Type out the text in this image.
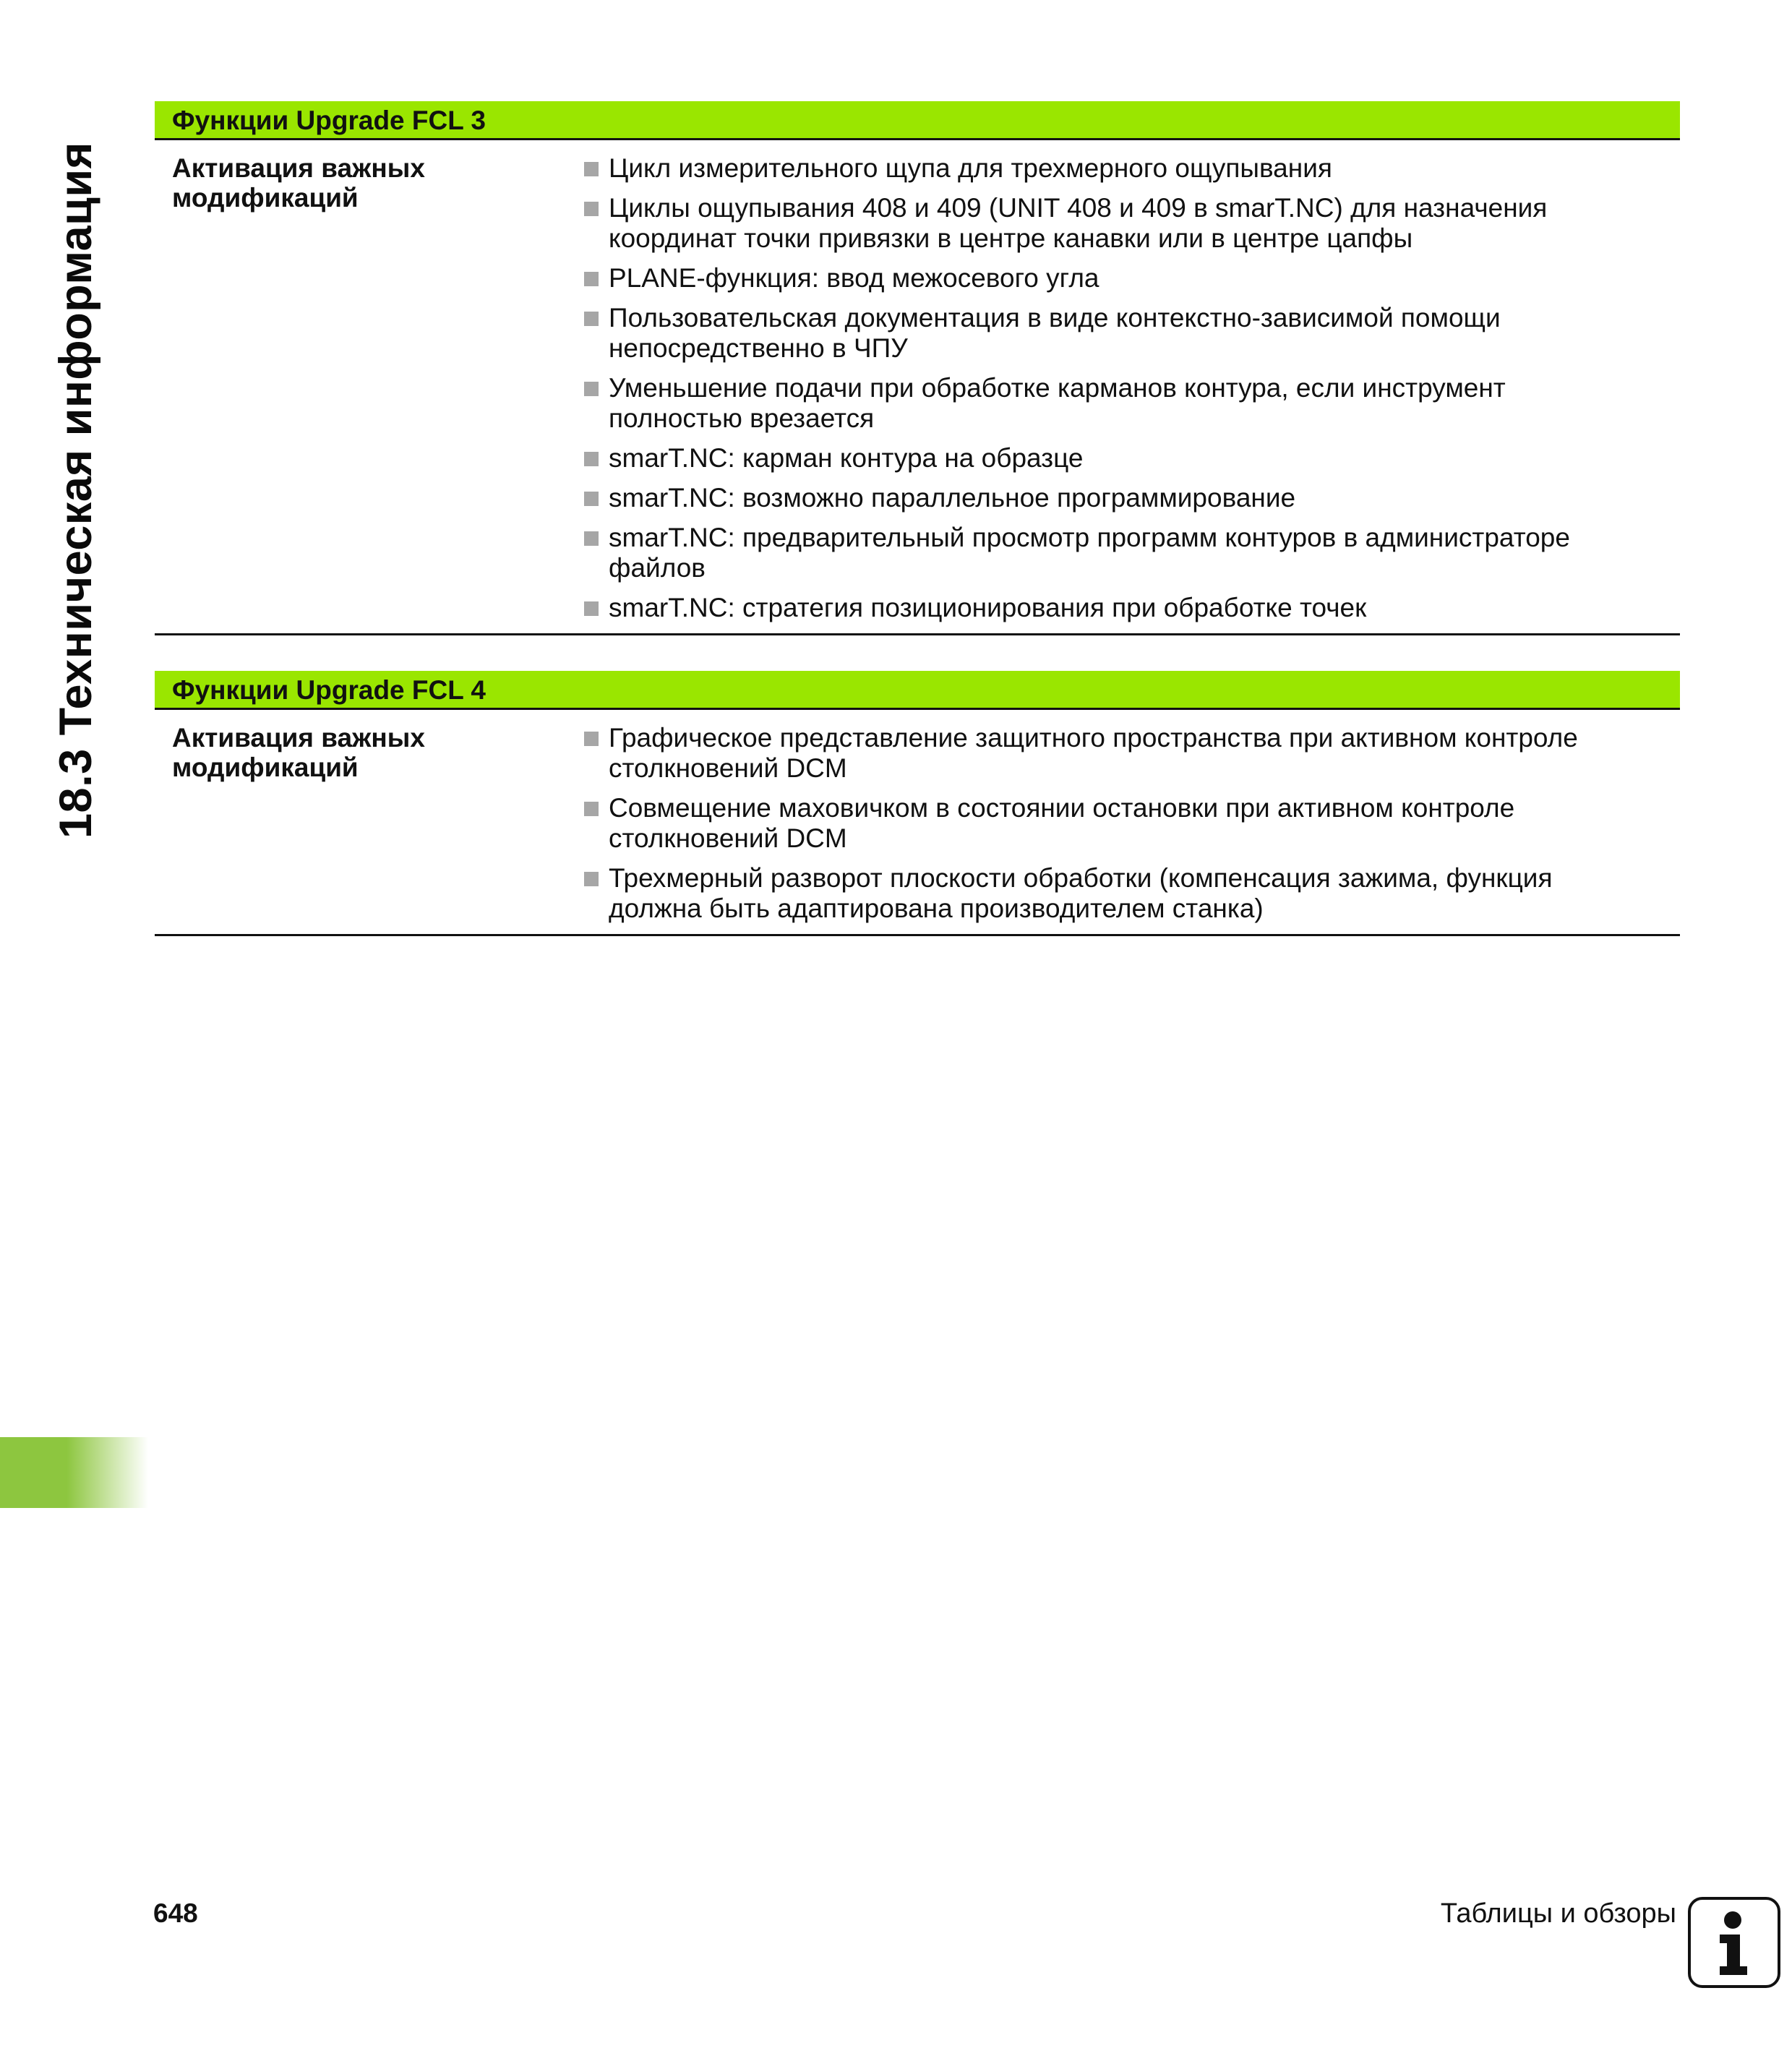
18.3 Техническая информация
Функции Upgrade FCL 3
Активация важных
модификаций
Цикл измерительного щупа для трехмерного ощупывания
Циклы ощупывания 408 и 409 (UNIT 408 и 409 в smarT.NC) для назначения координат точки привязки в центре канавки или в центре цапфы
PLANE-функция: ввод межосевого угла
Пользовательская документация в виде контекстно-зависимой помощи непосредственно в ЧПУ
Уменьшение подачи при обработке карманов контура, если инструмент полностью врезается
smarT.NC: карман контура на образце
smarT.NC: возможно параллельное программирование
smarT.NC: предварительный просмотр программ контуров в администраторе файлов
smarT.NC: стратегия позиционирования при обработке точек
Функции Upgrade FCL 4
Активация важных
модификаций
Графическое представление защитного пространства при активном контроле столкновений DCM
Совмещение маховичком в состоянии остановки при активном контроле столкновений DCM
Трехмерный разворот плоскости обработки (компенсация зажима, функция должна быть адаптирована производителем станка)
648	Таблицы и обзоры
